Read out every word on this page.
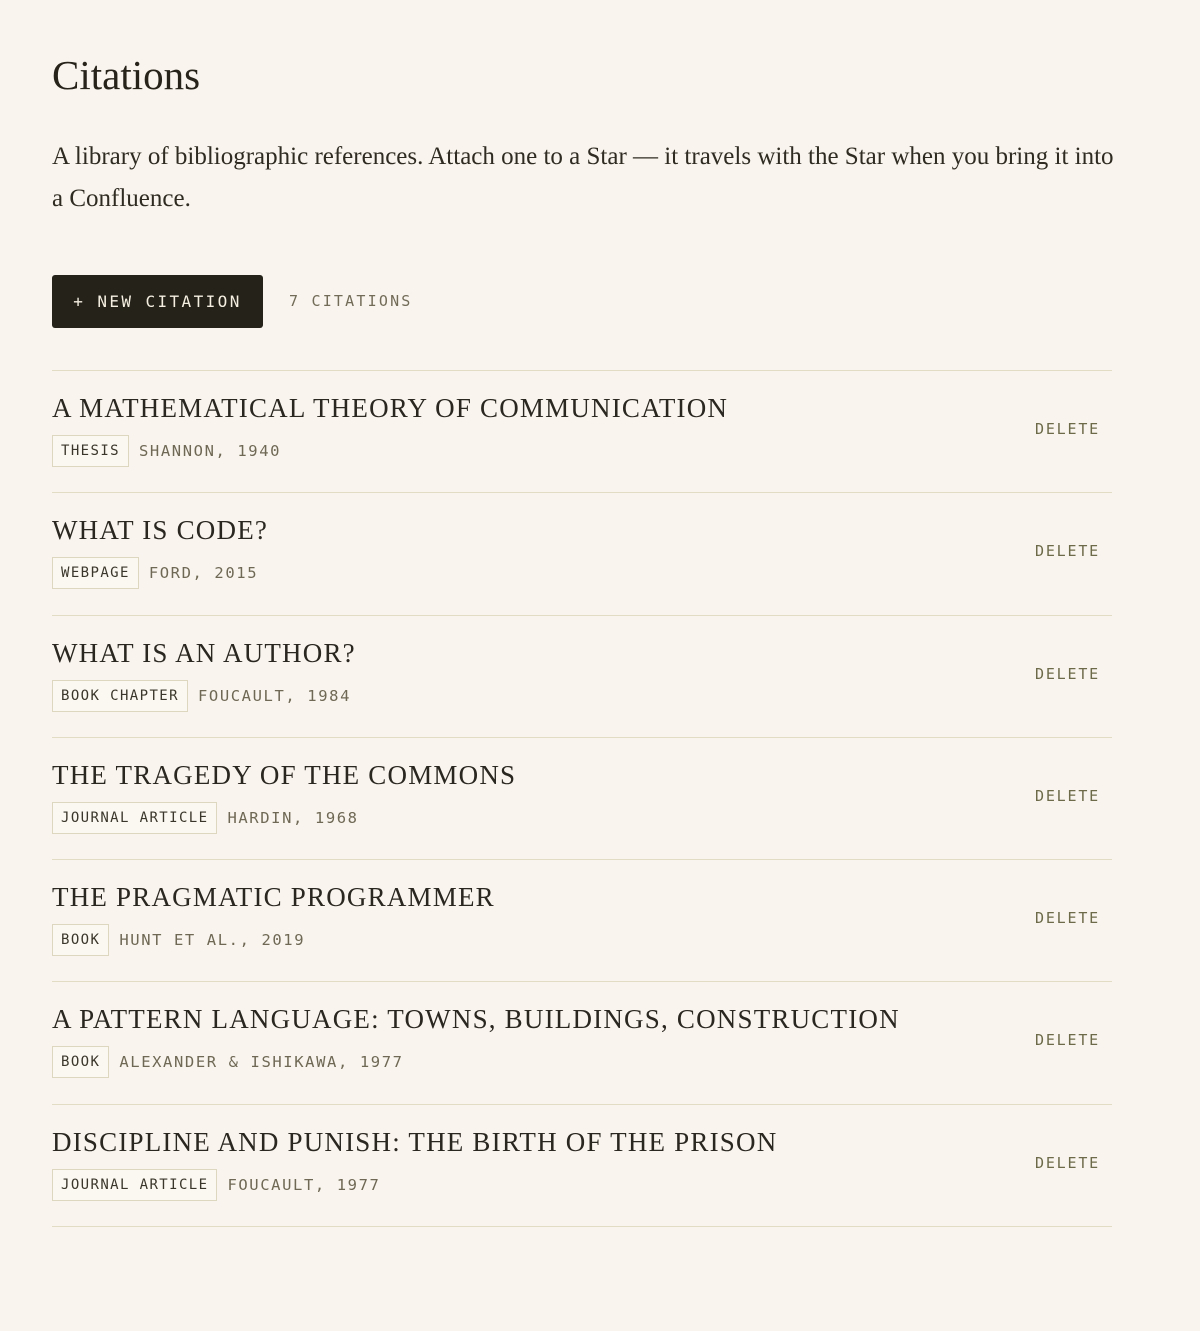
Citations

A library of bibliographic references. Attach one to a Star — it travels with the Star when you bring it into a Confluence.

+ NEW CITATION	7 CITATIONS
A MATHEMATICAL THEORY OF COMMUNICATION
THESIS	SHANNON, 1940
DELETE
WHAT IS CODE?
WEBPAGE	FORD, 2015
DELETE
WHAT IS AN AUTHOR?
BOOK CHAPTER	FOUCAULT, 1984
DELETE
THE TRAGEDY OF THE COMMONS
JOURNAL ARTICLE	HARDIN, 1968
DELETE
THE PRAGMATIC PROGRAMMER
BOOK	HUNT ET AL., 2019
DELETE
A PATTERN LANGUAGE: TOWNS, BUILDINGS, CONSTRUCTION
BOOK	ALEXANDER & ISHIKAWA, 1977
DELETE
DISCIPLINE AND PUNISH: THE BIRTH OF THE PRISON
JOURNAL ARTICLE	FOUCAULT, 1977
DELETE
